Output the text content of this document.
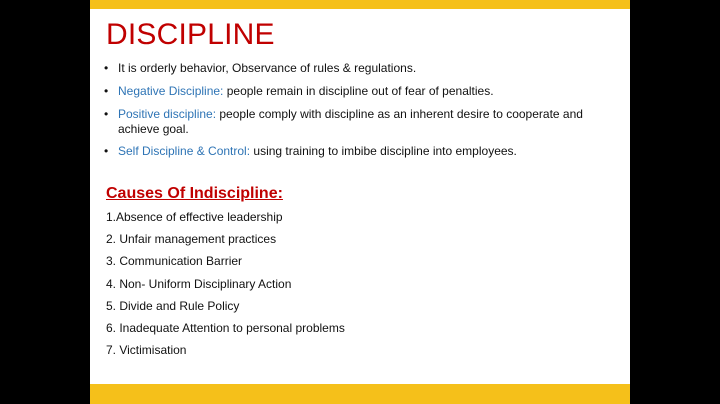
DISCIPLINE
• It is orderly behavior, Observance of rules & regulations.
• Negative Discipline: people remain in discipline out of fear of penalties.
• Positive discipline: people comply with discipline as an inherent desire to cooperate and achieve goal.
• Self Discipline & Control: using training to imbibe discipline into employees.
Causes Of Indiscipline:
1.Absence of effective leadership
2. Unfair management practices
3. Communication Barrier
4. Non- Uniform Disciplinary Action
5. Divide and Rule Policy
6. Inadequate Attention to personal problems
7. Victimisation
